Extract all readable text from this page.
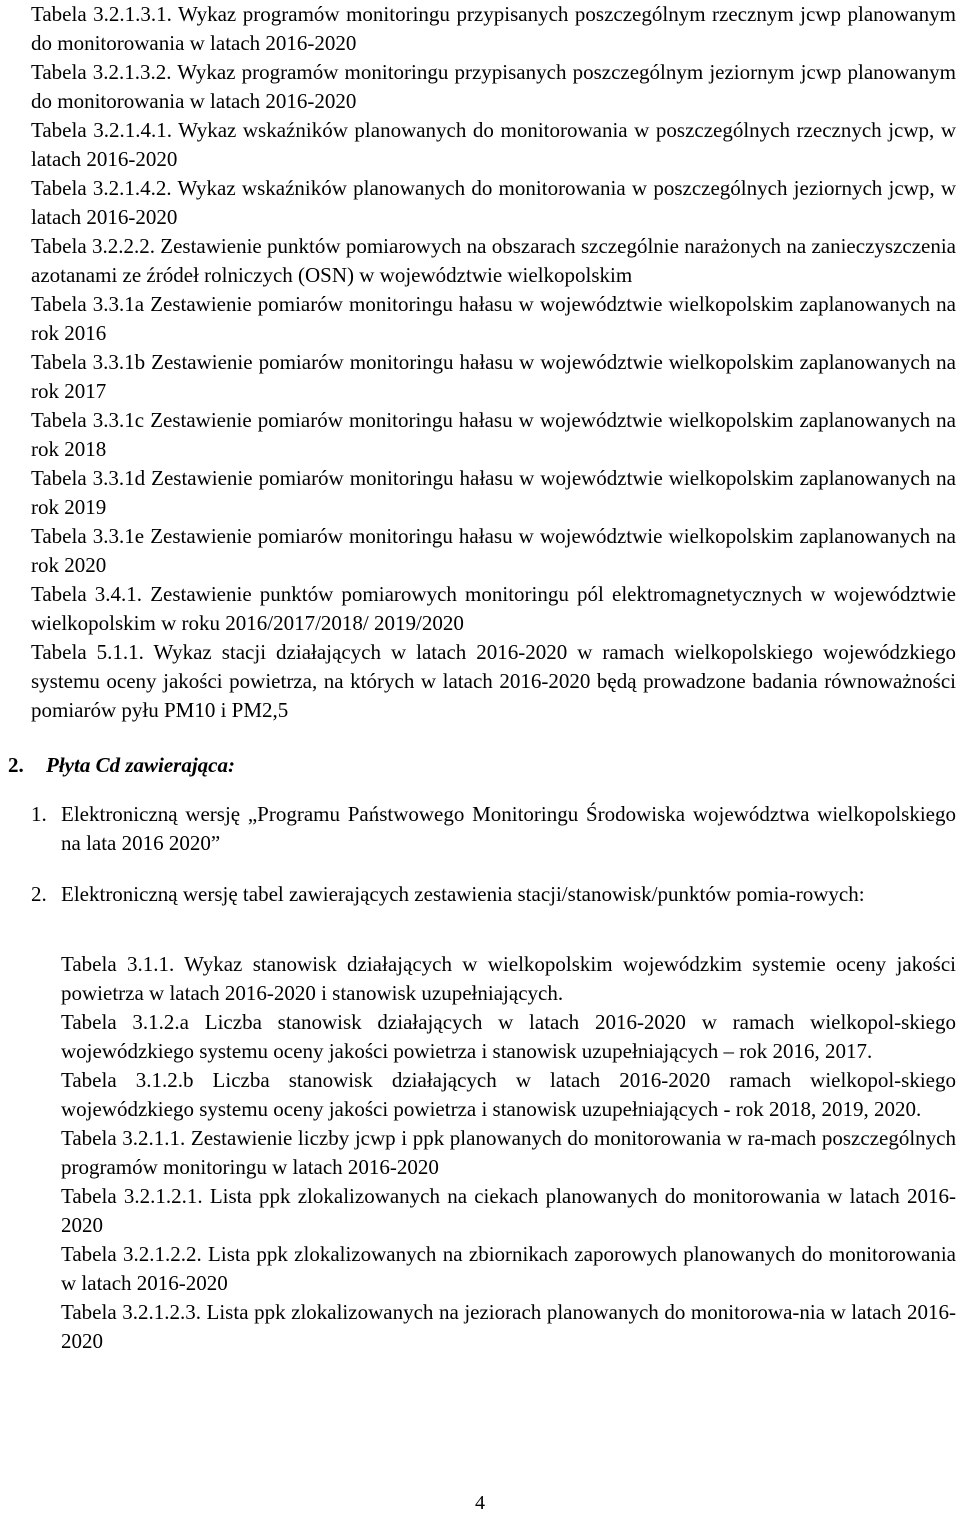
Tabela 3.2.1.3.1. Wykaz programów monitoringu przypisanych poszczególnym rzecznym jcwp planowanym do monitorowania w latach 2016-2020

Tabela 3.2.1.3.2. Wykaz programów monitoringu przypisanych poszczególnym jeziornym jcwp planowanym do monitorowania w latach 2016-2020

Tabela 3.2.1.4.1. Wykaz wskaźników planowanych do monitorowania w poszczególnych rzecznych jcwp, w latach 2016-2020

Tabela 3.2.1.4.2. Wykaz wskaźników planowanych do monitorowania w poszczególnych jeziornych jcwp, w latach 2016-2020

Tabela 3.2.2.2. Zestawienie punktów pomiarowych na obszarach szczególnie narażonych na zanieczyszczenia azotanami ze źródeł rolniczych (OSN) w województwie wielkopolskim

Tabela 3.3.1a Zestawienie pomiarów monitoringu hałasu w województwie wielkopolskim zaplanowanych na rok 2016

Tabela 3.3.1b Zestawienie pomiarów monitoringu hałasu w województwie wielkopolskim zaplanowanych na rok 2017

Tabela 3.3.1c Zestawienie pomiarów monitoringu hałasu w województwie wielkopolskim zaplanowanych na rok 2018

Tabela 3.3.1d Zestawienie pomiarów monitoringu hałasu w województwie wielkopolskim zaplanowanych na rok 2019

Tabela 3.3.1e Zestawienie pomiarów monitoringu hałasu w województwie wielkopolskim zaplanowanych na rok 2020

Tabela 3.4.1. Zestawienie punktów pomiarowych monitoringu pól elektromagnetycznych w województwie wielkopolskim w roku 2016/2017/2018/ 2019/2020

Tabela 5.1.1. Wykaz stacji działających w latach 2016-2020 w ramach wielkopolskiego wojewódzkiego systemu oceny jakości powietrza, na których w latach 2016-2020 będą prowadzone badania równoważności pomiarów pyłu PM10 i PM2,5

2. Płyta Cd zawierająca:

1. Elektroniczną wersję „Programu Państwowego Monitoringu Środowiska województwa wielkopolskiego na lata 2016 2020”
2. Elektroniczną wersję tabel zawierających zestawienia stacji/stanowisk/punktów pomia-rowych:

Tabela 3.1.1. Wykaz stanowisk działających w wielkopolskim wojewódzkim systemie oceny jakości powietrza w latach 2016-2020 i stanowisk uzupełniających.

Tabela 3.1.2.a Liczba stanowisk działających w latach 2016-2020 w ramach wielkopol-skiego wojewódzkiego systemu oceny jakości powietrza i stanowisk uzupełniających – rok 2016, 2017.

Tabela 3.1.2.b Liczba stanowisk działających w latach 2016-2020 ramach wielkopol-skiego wojewódzkiego systemu oceny jakości powietrza i stanowisk uzupełniających - rok 2018, 2019, 2020.

Tabela 3.2.1.1. Zestawienie liczby jcwp i ppk planowanych do monitorowania w ra-mach poszczególnych programów monitoringu w latach 2016-2020

Tabela 3.2.1.2.1. Lista ppk zlokalizowanych na ciekach planowanych do monitorowania w latach 2016-2020

Tabela 3.2.1.2.2. Lista ppk zlokalizowanych na zbiornikach zaporowych planowanych do monitorowania w latach 2016-2020

Tabela 3.2.1.2.3. Lista ppk zlokalizowanych na jeziorach planowanych do monitorowa-nia w latach 2016-2020

4
